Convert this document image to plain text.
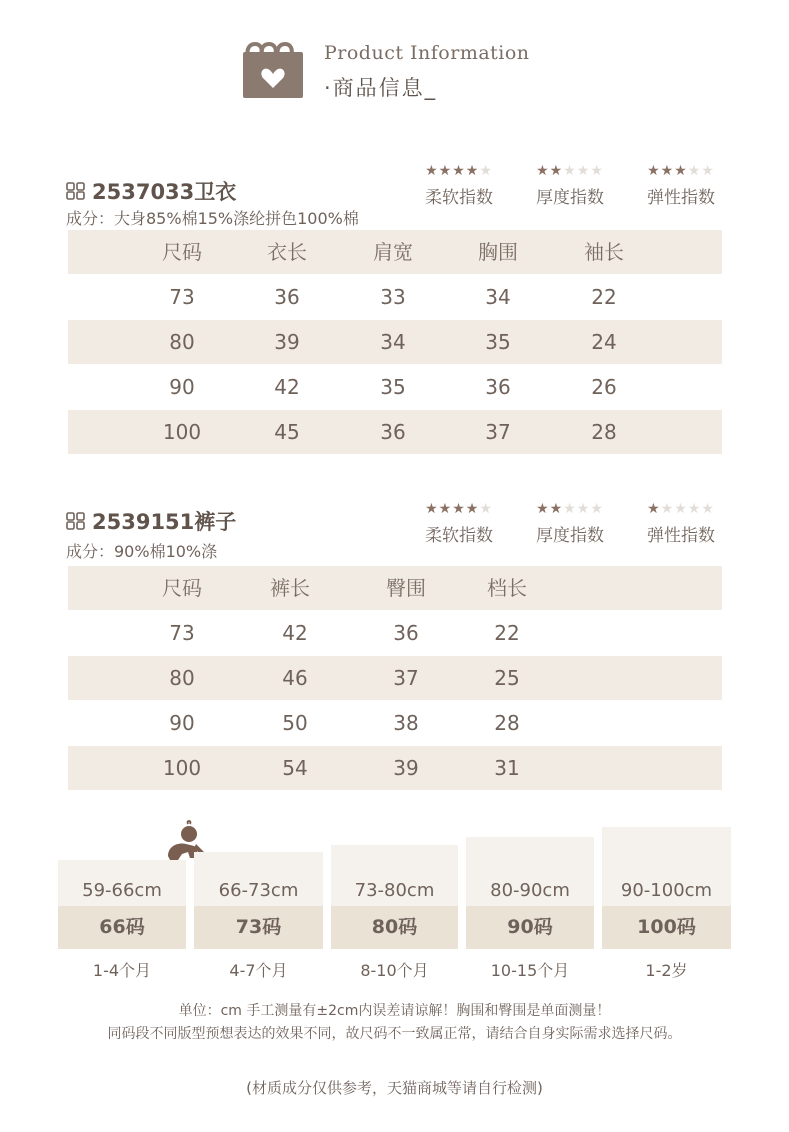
Product Information
·商品信息_
2537033卫衣
成分：大身85%棉15%涤纶拼色100%棉
★★★★★
柔软指数
★★★★★
厚度指数
★★★★★
弹性指数
尺码	衣长	肩宽	胸围	袖长
73	36	33	34	22
80	39	34	35	24
90	42	35	36	26
100	45	36	37	28
2539151裤子
成分：90%棉10%涤
★★★★★
柔软指数
★★★★★
厚度指数
★★★★★
弹性指数
尺码	裤长	臀围	档长
73	42	36	22
80	46	37	25
90	50	38	28
100	54	39	31
59-66cm
66码
66-73cm
73码
73-80cm
80码
80-90cm
90码
90-100cm
100码
1-4个月	4-7个月	8-10个月	10-15个月	1-2岁
单位：cm 手工测量有±2cm内误差请谅解！胸围和臀围是单面测量！
同码段不同版型预想表达的效果不同，故尺码不一致属正常，请结合自身实际需求选择尺码。
(材质成分仅供参考，天猫商城等请自行检测)
